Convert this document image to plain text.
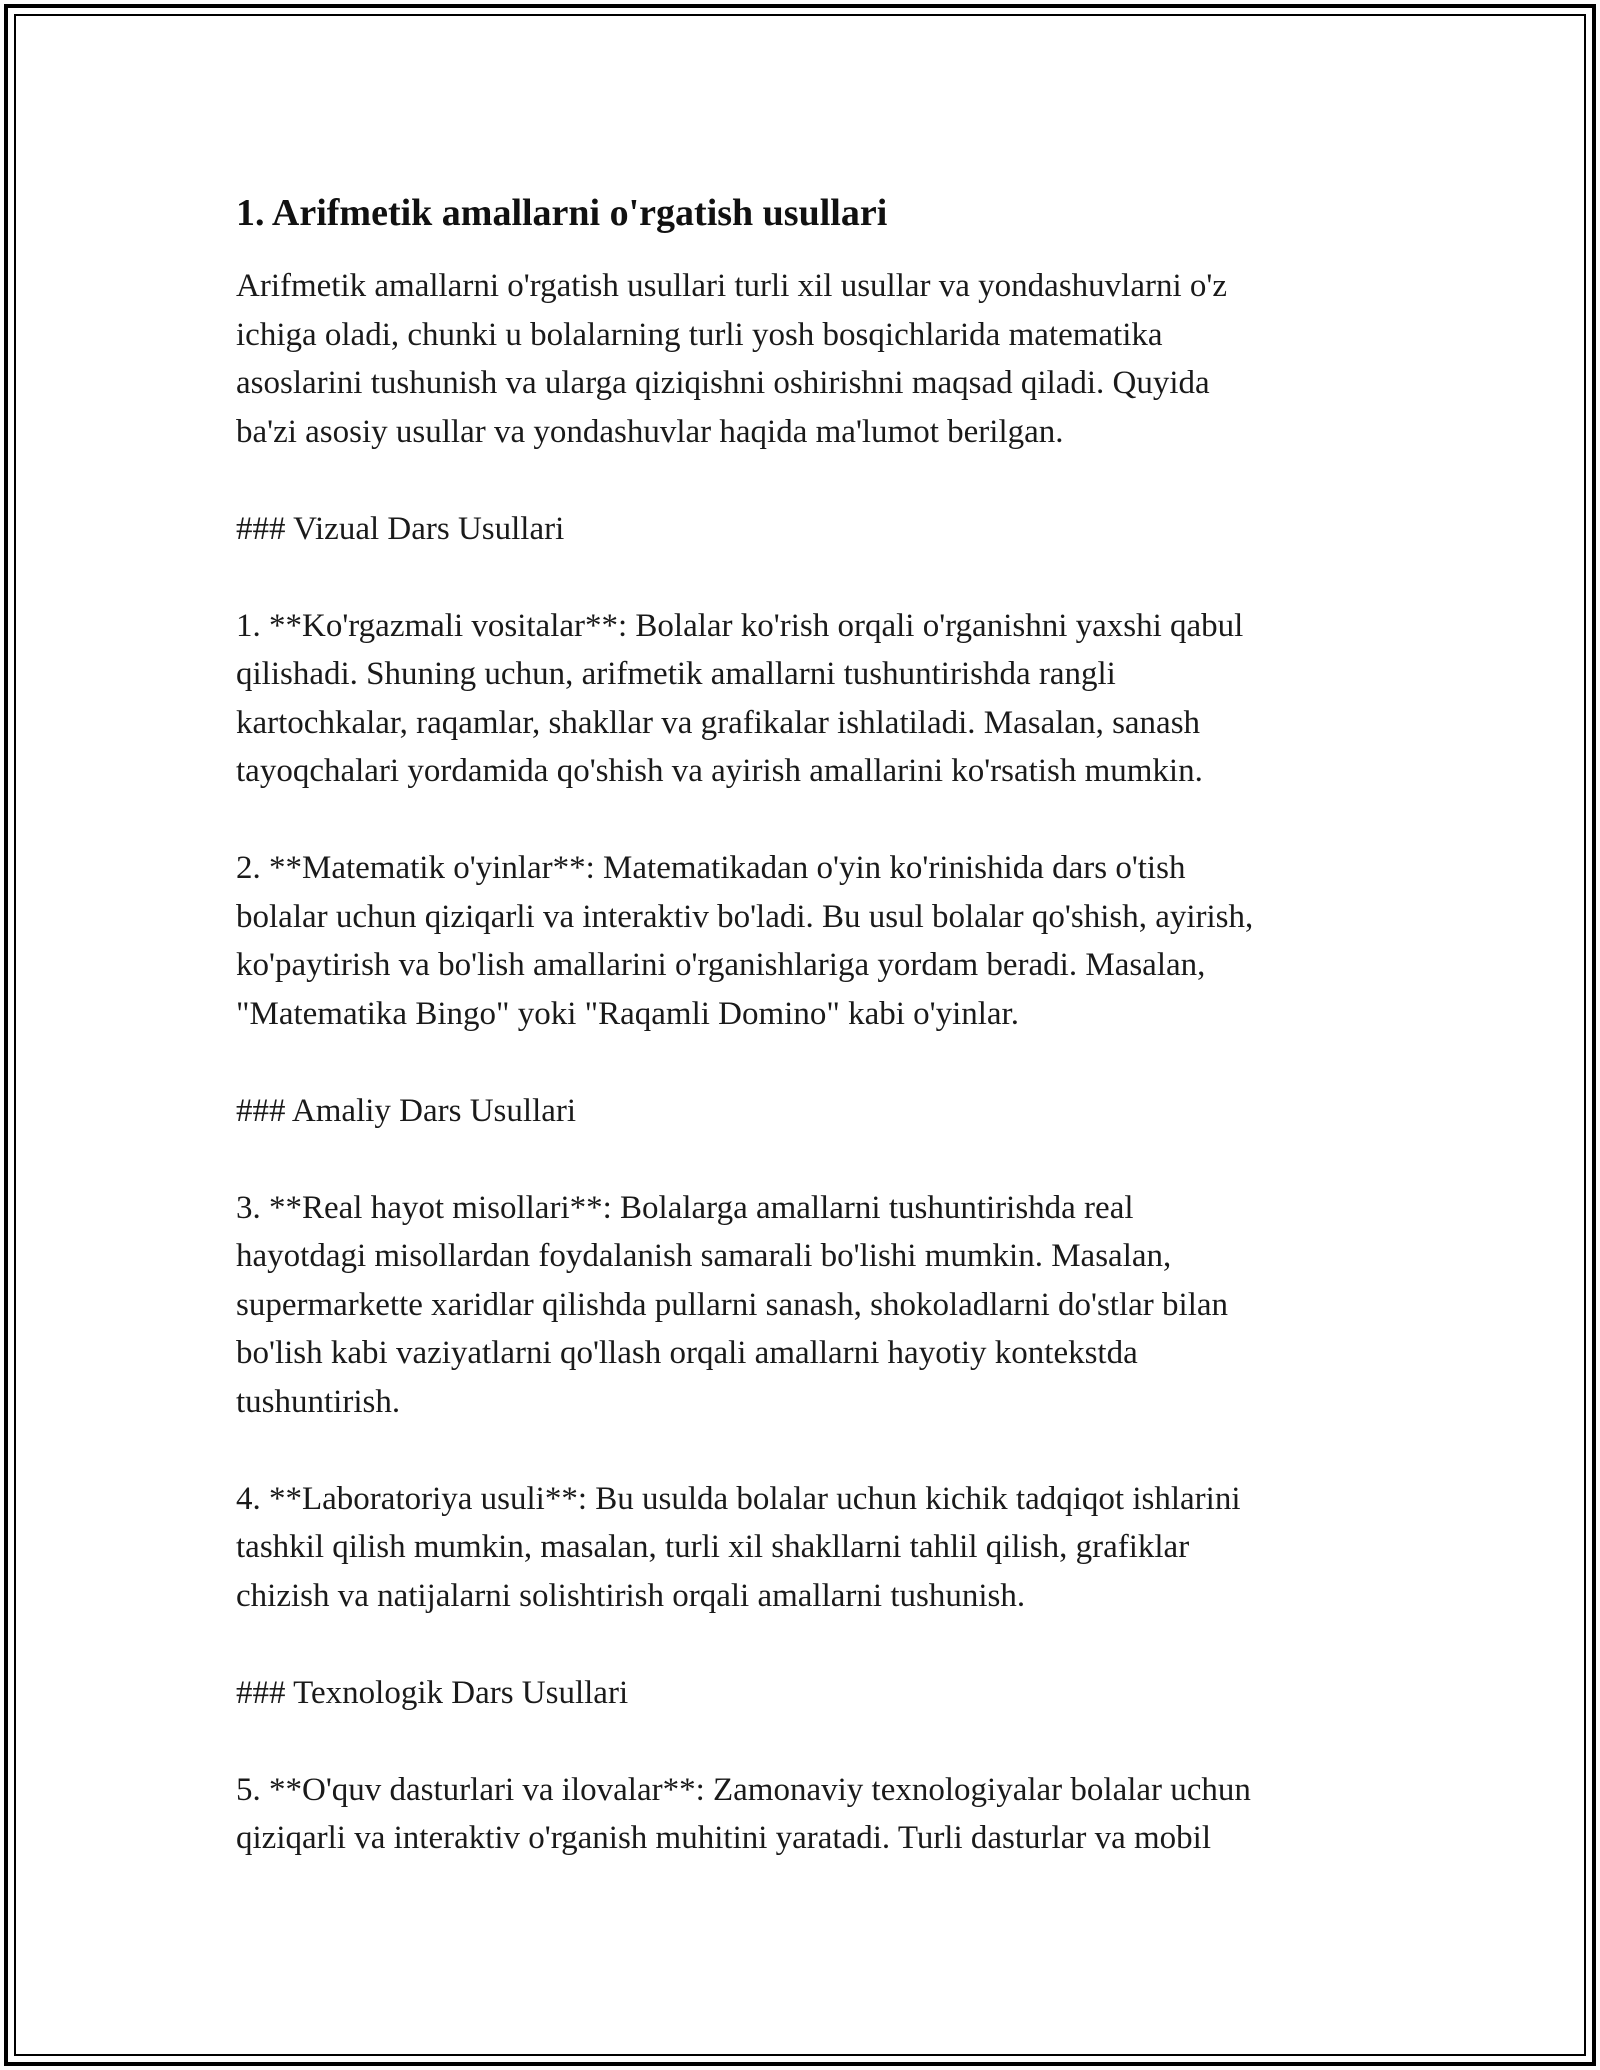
1. Arifmetik amallarni o'rgatish usullari

Arifmetik amallarni o'rgatish usullari turli xil usullar va yondashuvlarni o'z
ichiga oladi, chunki u bolalarning turli yosh bosqichlarida matematika
asoslarini tushunish va ularga qiziqishni oshirishni maqsad qiladi. Quyida
ba'zi asosiy usullar va yondashuvlar haqida ma'lumot berilgan.

### Vizual Dars Usullari

1. **Ko'rgazmali vositalar**: Bolalar ko'rish orqali o'rganishni yaxshi qabul
qilishadi. Shuning uchun, arifmetik amallarni tushuntirishda rangli
kartochkalar, raqamlar, shakllar va grafikalar ishlatiladi. Masalan, sanash
tayoqchalari yordamida qo'shish va ayirish amallarini ko'rsatish mumkin.

2. **Matematik o'yinlar**: Matematikadan o'yin ko'rinishida dars o'tish
bolalar uchun qiziqarli va interaktiv bo'ladi. Bu usul bolalar qo'shish, ayirish,
ko'paytirish va bo'lish amallarini o'rganishlariga yordam beradi. Masalan,
"Matematika Bingo" yoki "Raqamli Domino" kabi o'yinlar.

### Amaliy Dars Usullari

3. **Real hayot misollari**: Bolalarga amallarni tushuntirishda real
hayotdagi misollardan foydalanish samarali bo'lishi mumkin. Masalan,
supermarkette xaridlar qilishda pullarni sanash, shokoladlarni do'stlar bilan
bo'lish kabi vaziyatlarni qo'llash orqali amallarni hayotiy kontekstda
tushuntirish.

4. **Laboratoriya usuli**: Bu usulda bolalar uchun kichik tadqiqot ishlarini
tashkil qilish mumkin, masalan, turli xil shakllarni tahlil qilish, grafiklar
chizish va natijalarni solishtirish orqali amallarni tushunish.

### Texnologik Dars Usullari

5. **O'quv dasturlari va ilovalar**: Zamonaviy texnologiyalar bolalar uchun
qiziqarli va interaktiv o'rganish muhitini yaratadi. Turli dasturlar va mobil
